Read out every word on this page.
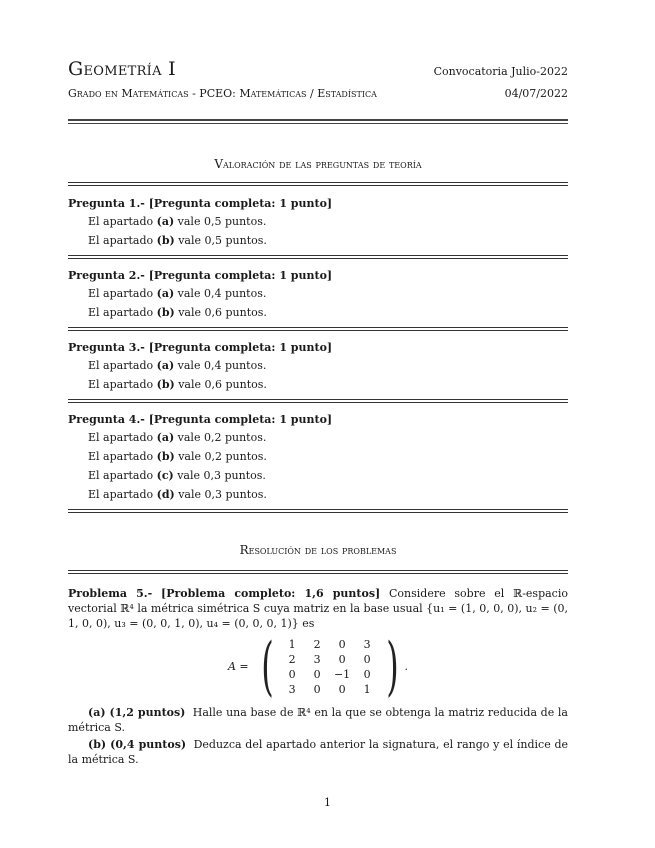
Geometría I	Convocatoria Julio-2022
Grado en Matemáticas - PCEO: Matemáticas / Estadística	04/07/2022
Valoración de las preguntas de teoría
Pregunta 1.- [Pregunta completa: 1 punto]
El apartado (a) vale 0,5 puntos.
El apartado (b) vale 0,5 puntos.
Pregunta 2.- [Pregunta completa: 1 punto]
El apartado (a) vale 0,4 puntos.
El apartado (b) vale 0,6 puntos.
Pregunta 3.- [Pregunta completa: 1 punto]
El apartado (a) vale 0,4 puntos.
El apartado (b) vale 0,6 puntos.
Pregunta 4.- [Pregunta completa: 1 punto]
El apartado (a) vale 0,2 puntos.
El apartado (b) vale 0,2 puntos.
El apartado (c) vale 0,3 puntos.
El apartado (d) vale 0,3 puntos.
Resolución de los problemas
Problema 5.- [Problema completo: 1,6 puntos] Considere sobre el ℝ-espacio vectorial ℝ⁴ la métrica simétrica S cuya matriz en la base usual {u₁ = (1, 0, 0, 0), u₂ = (0, 1, 0, 0), u₃ = (0, 0, 1, 0), u₄ = (0, 0, 0, 1)} es
A = ( 1	2	0	3
2	3	0	0
0	0	−1	0
3	0	0	1 ) .
(a) (1,2 puntos) Halle una base de ℝ⁴ en la que se obtenga la matriz reducida de la métrica S.
(b) (0,4 puntos) Deduzca del apartado anterior la signatura, el rango y el índice de la métrica S.
1
